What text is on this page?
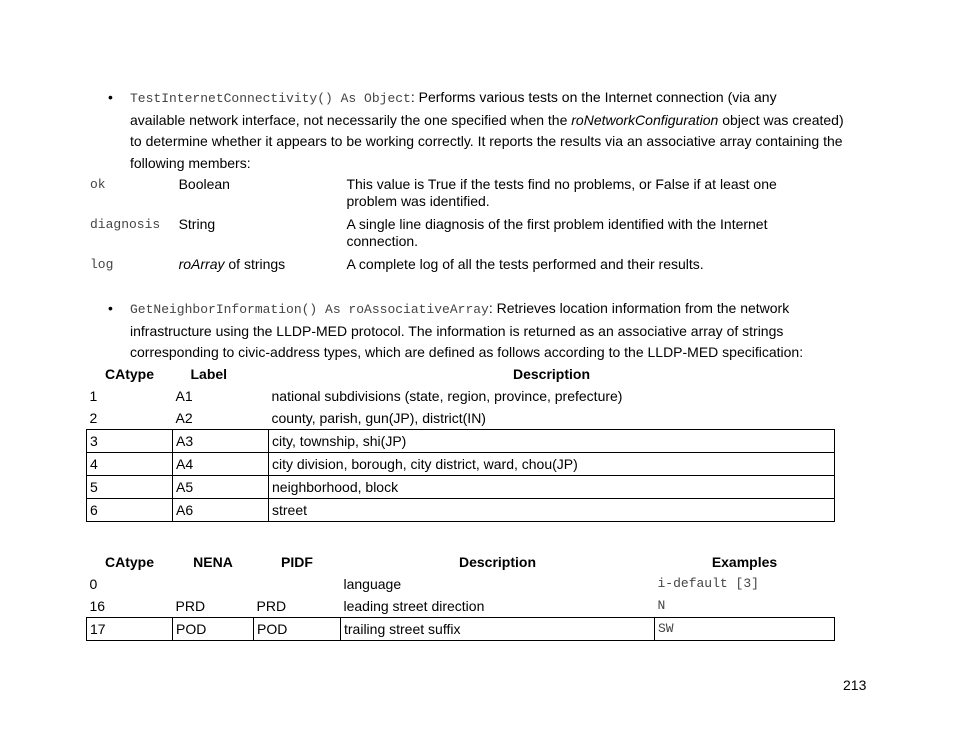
•	TestInternetConnectivity() As Object: Performs various tests on the Internet connection (via any
available network interface, not necessarily the one specified when the roNetworkConfiguration object was created)
to determine whether it appears to be working correctly. It reports the results via an associative array containing the
following members:
ok	Boolean	This value is True if the tests find no problems, or False if at least one problem was identified.
diagnosis	String	A single line diagnosis of the first problem identified with the Internet connection.
log	roArray of strings	A complete log of all the tests performed and their results.
•	GetNeighborInformation() As roAssociativeArray: Retrieves location information from the network
infrastructure using the LLDP-MED protocol. The information is returned as an associative array of strings
corresponding to civic-address types, which are defined as follows according to the LLDP-MED specification:
CAtype	Label	Description
1	A1	national subdivisions (state, region, province, prefecture)
2	A2	county, parish, gun(JP), district(IN)
3	A3	city, township, shi(JP)
4	A4	city division, borough, city district, ward, chou(JP)
5	A5	neighborhood, block
6	A6	street
CAtype	NENA	PIDF	Description	Examples
0			language	i-default [3]
16	PRD	PRD	leading street direction	N
17	POD	POD	trailing street suffix	SW
213
